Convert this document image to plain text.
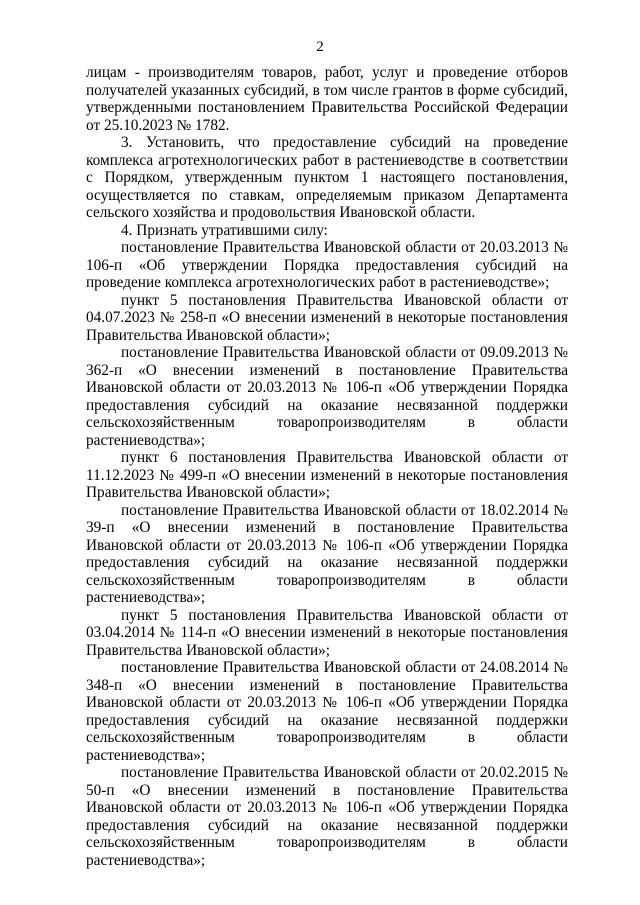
2

лицам - производителям товаров, работ, услуг и проведение отборов получателей указанных субсидий, в том числе грантов в форме субсидий, утвержденными постановлением Правительства Российской Федерации от 25.10.2023 № 1782.

3. Установить, что предоставление субсидий на проведение комплекса агротехнологических работ в растениеводстве в соответствии с Порядком, утвержденным пунктом 1 настоящего постановления, осуществляется по ставкам, определяемым приказом Департамента сельского хозяйства и продовольствия Ивановской области.

4. Признать утратившими силу:

постановление Правительства Ивановской области от 20.03.2013 № 106-п «Об утверждении Порядка предоставления субсидий на проведение комплекса агротехнологических работ в растениеводстве»;

пункт 5 постановления Правительства Ивановской области от 04.07.2023 № 258-п «О внесении изменений в некоторые постановления Правительства Ивановской области»;

постановление Правительства Ивановской области от 09.09.2013 № 362-п «О внесении изменений в постановление Правительства Ивановской области от 20.03.2013 № 106-п «Об утверждении Порядка предоставления субсидий на оказание несвязанной поддержки сельскохозяйственным товаропроизводителям в области растениеводства»;

пункт 6 постановления Правительства Ивановской области от 11.12.2023 № 499-п «О внесении изменений в некоторые постановления Правительства Ивановской области»;

постановление Правительства Ивановской области от 18.02.2014 № 39-п «О внесении изменений в постановление Правительства Ивановской области от 20.03.2013 № 106-п «Об утверждении Порядка предоставления субсидий на оказание несвязанной поддержки сельскохозяйственным товаропроизводителям в области растениеводства»;

пункт 5 постановления Правительства Ивановской области от 03.04.2014 № 114-п «О внесении изменений в некоторые постановления Правительства Ивановской области»;

постановление Правительства Ивановской области от 24.08.2014 № 348-п «О внесении изменений в постановление Правительства Ивановской области от 20.03.2013 № 106-п «Об утверждении Порядка предоставления субсидий на оказание несвязанной поддержки сельскохозяйственным товаропроизводителям в области растениеводства»;

постановление Правительства Ивановской области от 20.02.2015 № 50-п «О внесении изменений в постановление Правительства Ивановской области от 20.03.2013 № 106-п «Об утверждении Порядка предоставления субсидий на оказание несвязанной поддержки сельскохозяйственным товаропроизводителям в области растениеводства»;
